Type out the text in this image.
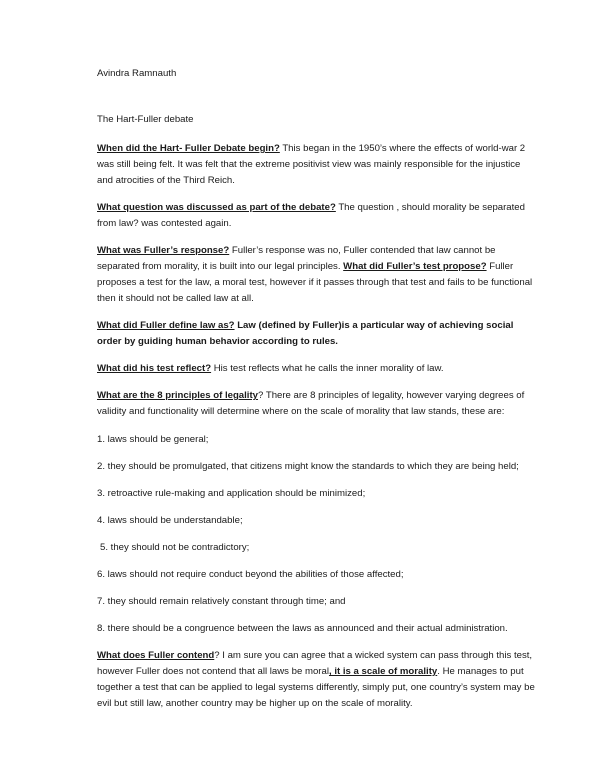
Avindra Ramnauth

The Hart-Fuller debate

When did the Hart- Fuller Debate begin? This began in the 1950’s where the effects of world-war 2 was still being felt. It was felt that the extreme positivist view was mainly responsible for the injustice and atrocities of the Third Reich.

What question was discussed as part of the debate? The question , should morality be separated from law? was contested again.

What was Fuller’s response? Fuller’s response was no, Fuller contended that law cannot be separated from morality, it is built into our legal principles. What did Fuller’s test propose? Fuller proposes a test for the law, a moral test, however if it passes through that test and fails to be functional then it should not be called law at all.

What did Fuller define law as? Law (defined by Fuller)is a particular way of achieving social order by guiding human behavior according to rules.

What did his test reflect? His test reflects what he calls the inner morality of law.

What are the 8 principles of legality? There are 8 principles of legality, however varying degrees of validity and functionality will determine where on the scale of morality that law stands, these are:

1. laws should be general;

2. they should be promulgated, that citizens might know the standards to which they are being held;

3. retroactive rule-making and application should be minimized;

4. laws should be understandable;

5. they should not be contradictory;

6. laws should not require conduct beyond the abilities of those affected;

7. they should remain relatively constant through time; and

8. there should be a congruence between the laws as announced and their actual administration.

What does Fuller contend? I am sure you can agree that a wicked system can pass through this test, however Fuller does not contend that all laws be moral, it is a scale of morality. He manages to put together a test that can be applied to legal systems differently, simply put, one country’s system may be evil but still law, another country may be higher up on the scale of morality.
